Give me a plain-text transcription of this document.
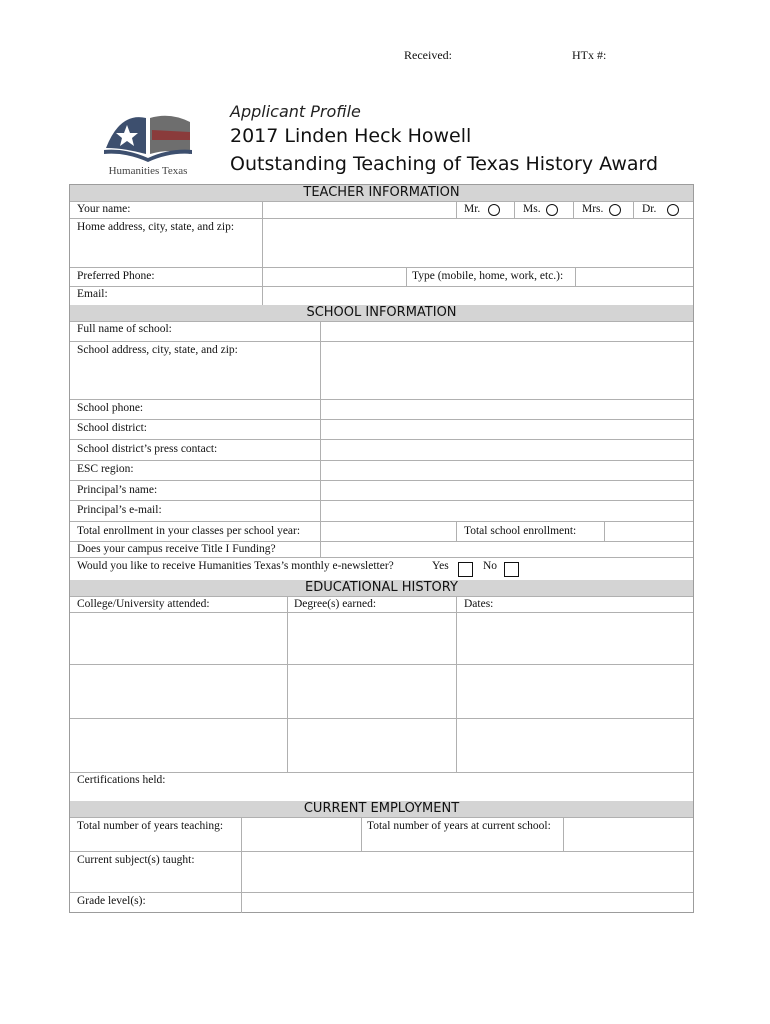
Received:	HTx #:
Humanities Texas
Applicant Profile
2017 Linden Heck Howell
Outstanding Teaching of Texas History Award
TEACHER INFORMATION
Your name:	Mr.	Ms.	Mrs.	Dr.
Home address, city, state, and zip:
Preferred Phone:	Type (mobile, home, work, etc.):
Email:
SCHOOL INFORMATION
Full name of school:
School address, city, state, and zip:
School phone:
School district:
School district’s press contact:
ESC region:
Principal’s name:
Principal’s e-mail:
Total enrollment in your classes per school year:	Total school enrollment:
Does your campus receive Title I Funding?
Would you like to receive Humanities Texas’s monthly e-newsletter?	Yes	No
EDUCATIONAL HISTORY
College/University attended:	Degree(s) earned:	Dates:
Certifications held:
CURRENT EMPLOYMENT
Total number of years teaching:	Total number of years at current school:
Current subject(s) taught:
Grade level(s):
